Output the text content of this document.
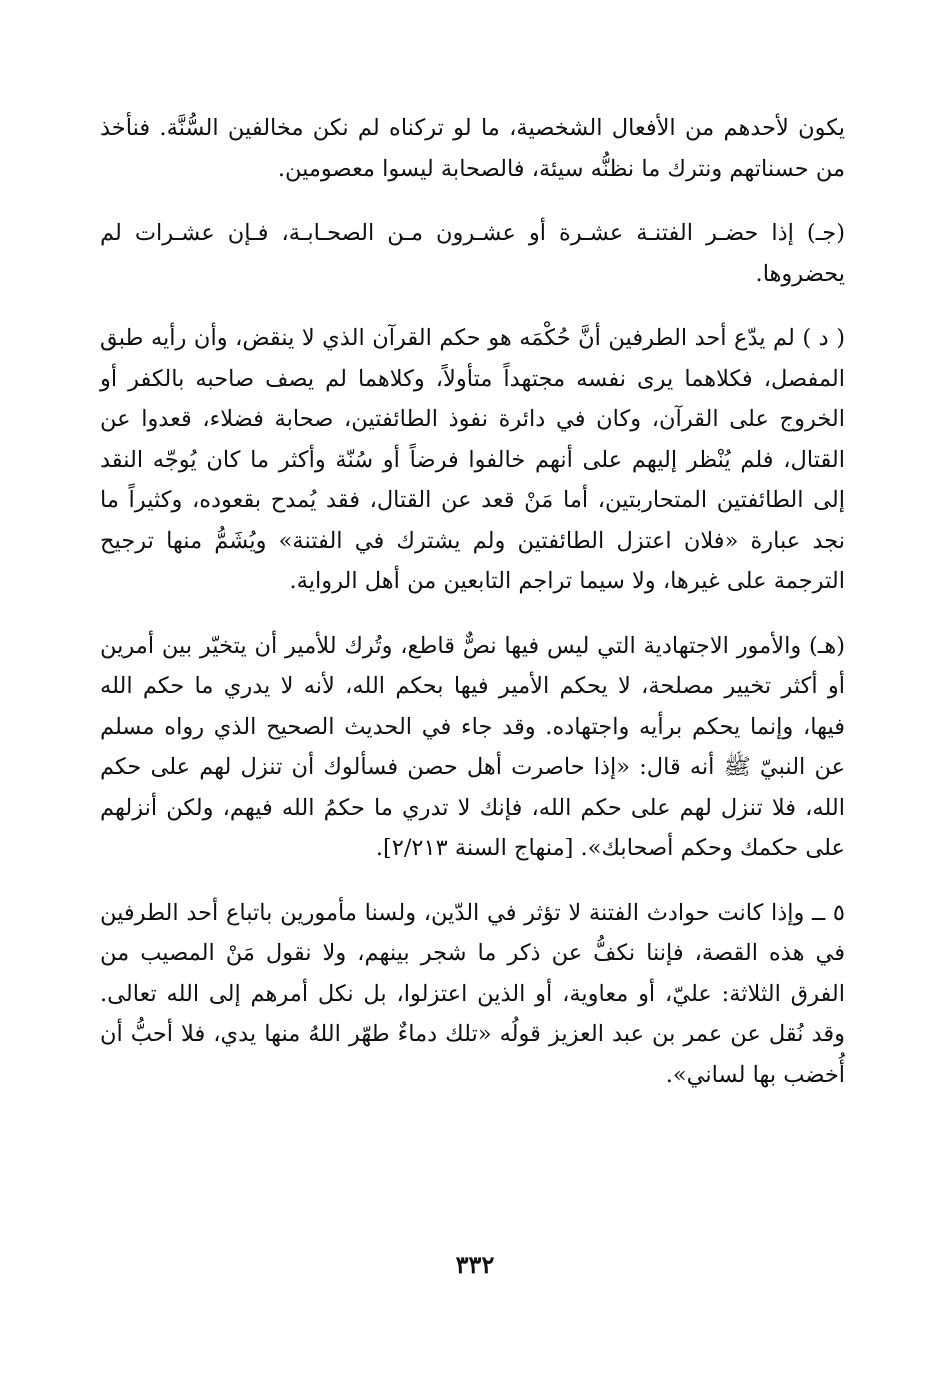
يكون لأحدهم من الأفعال الشخصية، ما لو تركناه لم نكن مخالفين السُّنَّة. فنأخذ من حسناتهم ونترك ما نظنُّه سيئة، فالصحابة ليسوا معصومين.

(جـ) إذا حضـر الفتنـة عشـرة أو عشـرون مـن الصحـابـة، فـإن عشـرات لم يحضروها.

( د ) لم يدّع أحد الطرفين أنَّ حُكْمَه هو حكم القرآن الذي لا ينقض، وأن رأيه طبق المفصل، فكلاهما يرى نفسه مجتهداً متأولاً، وكلاهما لم يصف صاحبه بالكفر أو الخروج على القرآن، وكان في دائرة نفوذ الطائفتين، صحابة فضلاء، قعدوا عن القتال، فلم يُنْظر إليهم على أنهم خالفوا فرضاً أو سُنّة وأكثر ما كان يُوجّه النقد إلى الطائفتين المتحاربتين، أما مَنْ قعد عن القتال، فقد يُمدح بقعوده، وكثيراً ما نجد عبارة «فلان اعتزل الطائفتين ولم يشترك في الفتنة» ويُشَمُّ منها ترجيح الترجمة على غيرها، ولا سيما تراجم التابعين من أهل الرواية.

(هـ) والأمور الاجتهادية التي ليس فيها نصٌّ قاطع، وتُرك للأمير أن يتخيّر بين أمرين أو أكثر تخيير مصلحة، لا يحكم الأمير فيها بحكم الله، لأنه لا يدري ما حكم الله فيها، وإنما يحكم برأيه واجتهاده. وقد جاء في الحديث الصحيح الذي رواه مسلم عن النبيّ ﷺ أنه قال: «إذا حاصرت أهل حصن فسألوك أن تنزل لهم على حكم الله، فلا تنزل لهم على حكم الله، فإنك لا تدري ما حكمُ الله فيهم، ولكن أنزلهم على حكمك وحكم أصحابك». [منهاج السنة ٢/٢١٣].

٥ ــ وإذا كانت حوادث الفتنة لا تؤثر في الدّين، ولسنا مأمورين باتباع أحد الطرفين في هذه القصة، فإننا نكفُّ عن ذكر ما شجر بينهم، ولا نقول مَنْ المصيب من الفرق الثلاثة: عليّ، أو معاوية، أو الذين اعتزلوا، بل نكل أمرهم إلى الله تعالى. وقد نُقل عن عمر بن عبد العزيز قولُه «تلك دماءٌ طهّر اللهُ منها يدي، فلا أحبُّ أن أُخضب بها لساني».

٣٣٢
